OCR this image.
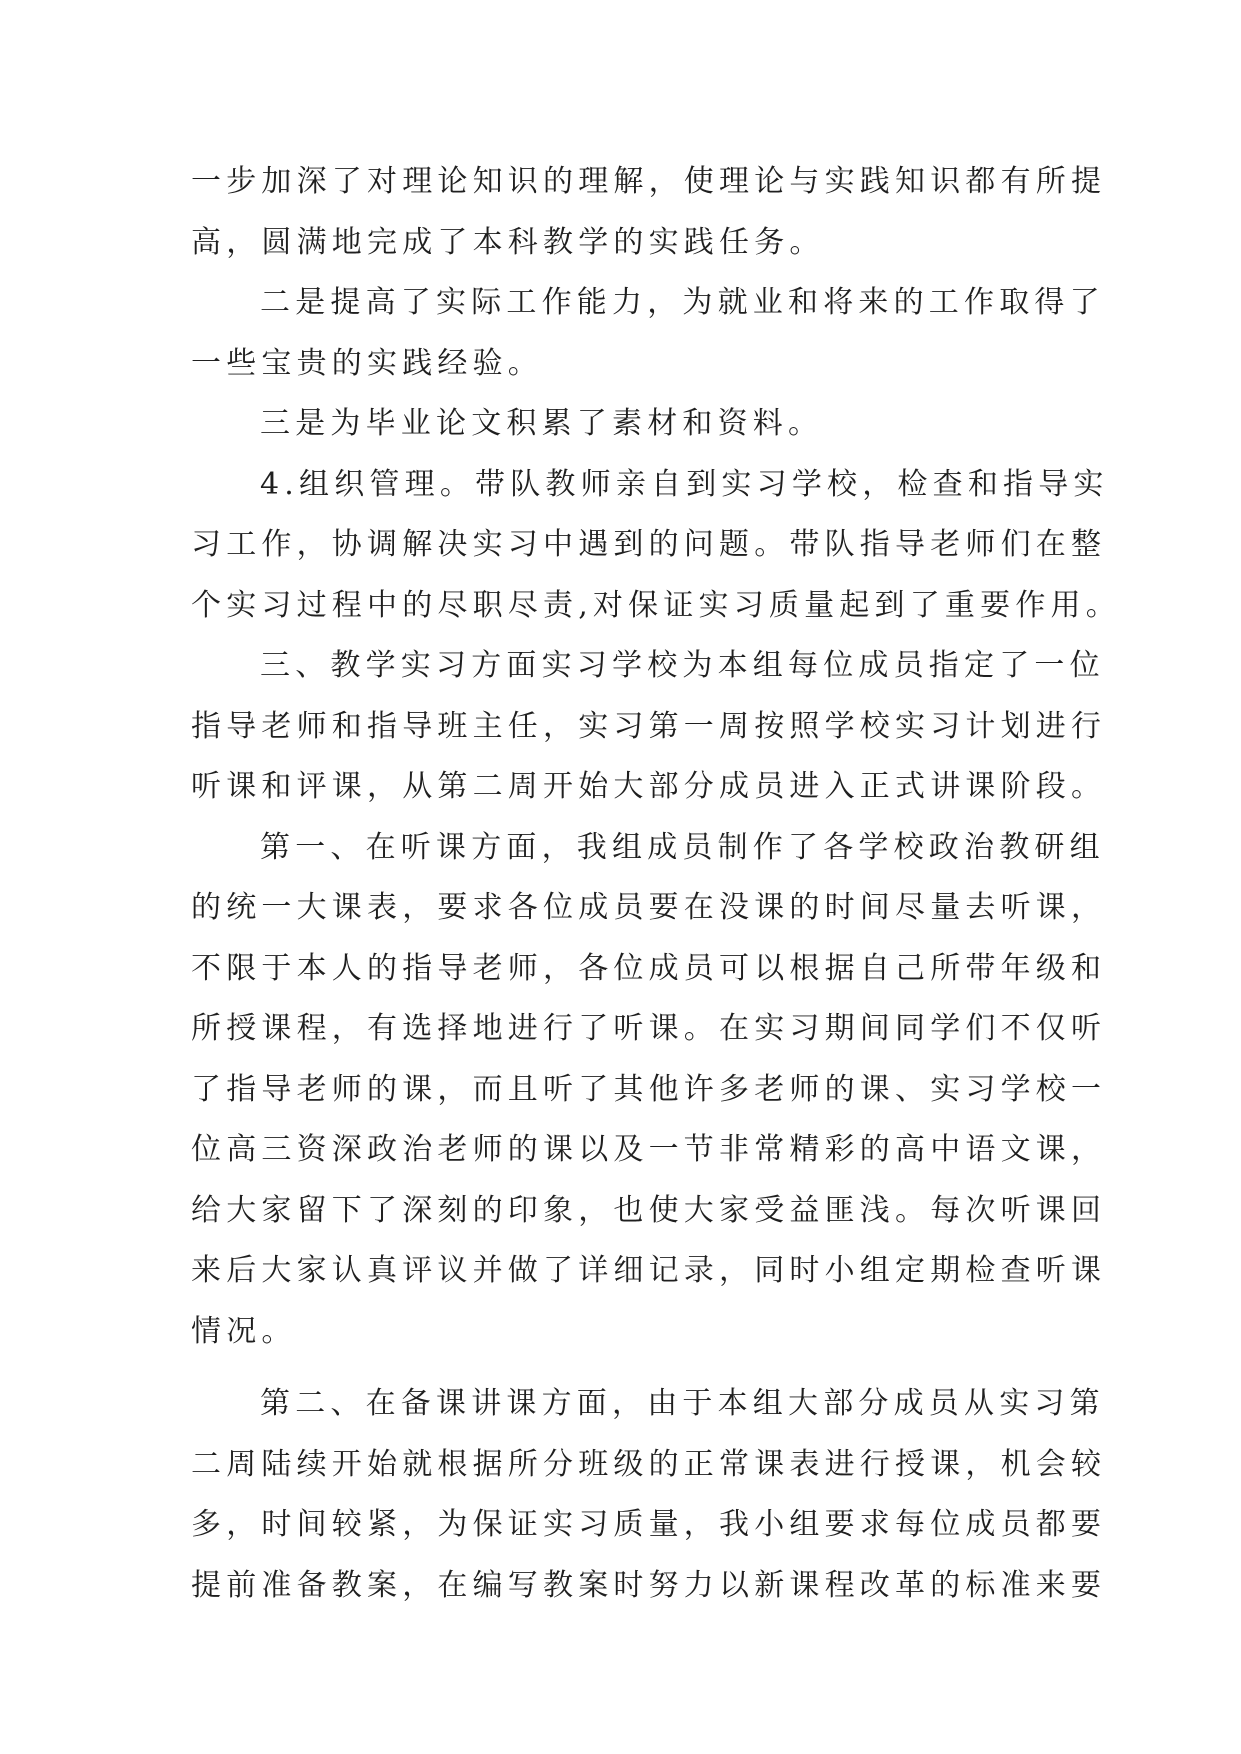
一步加深了对理论知识的理解，使理论与实践知识都有所提
高，圆满地完成了本科教学的实践任务。
二是提高了实际工作能力，为就业和将来的工作取得了
一些宝贵的实践经验。
三是为毕业论文积累了素材和资料。
4.组织管理。带队教师亲自到实习学校，检查和指导实
习工作，协调解决实习中遇到的问题。带队指导老师们在整
个实习过程中的尽职尽责,对保证实习质量起到了重要作用。
三、教学实习方面实习学校为本组每位成员指定了一位
指导老师和指导班主任，实习第一周按照学校实习计划进行
听课和评课，从第二周开始大部分成员进入正式讲课阶段。
第一、在听课方面，我组成员制作了各学校政治教研组
的统一大课表，要求各位成员要在没课的时间尽量去听课，
不限于本人的指导老师，各位成员可以根据自己所带年级和
所授课程，有选择地进行了听课。在实习期间同学们不仅听
了指导老师的课，而且听了其他许多老师的课、实习学校一
位高三资深政治老师的课以及一节非常精彩的高中语文课，
给大家留下了深刻的印象，也使大家受益匪浅。每次听课回
来后大家认真评议并做了详细记录，同时小组定期检查听课
情况。
第二、在备课讲课方面，由于本组大部分成员从实习第
二周陆续开始就根据所分班级的正常课表进行授课，机会较
多，时间较紧，为保证实习质量，我小组要求每位成员都要
提前准备教案，在编写教案时努力以新课程改革的标准来要
